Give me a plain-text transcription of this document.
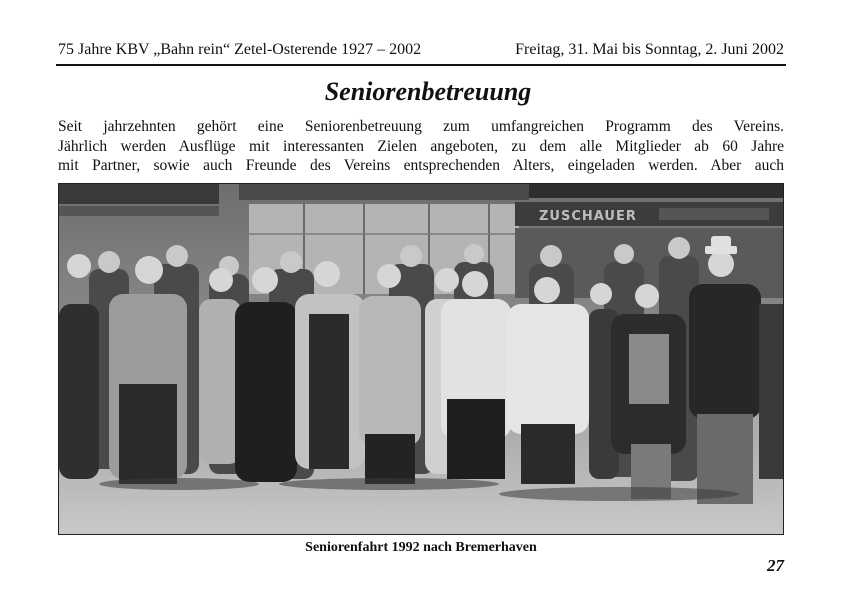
75 Jahre KBV „Bahn rein“ Zetel-Osterende 1927 – 2002	Freitag, 31. Mai bis Sonntag, 2. Juni 2002
Seniorenbetreuung
Seit jahrzehnten gehört eine Seniorenbetreuung zum umfangreichen Programm des Vereins.
Jährlich werden Ausflüge mit interessanten Zielen angeboten, zu dem alle Mitglieder ab 60 Jahre
mit Partner, sowie auch Freunde des Vereins entsprechenden Alters, eingeladen werden. Aber auch
ZUSCHAUER
Seniorenfahrt 1992 nach Bremerhaven
27
